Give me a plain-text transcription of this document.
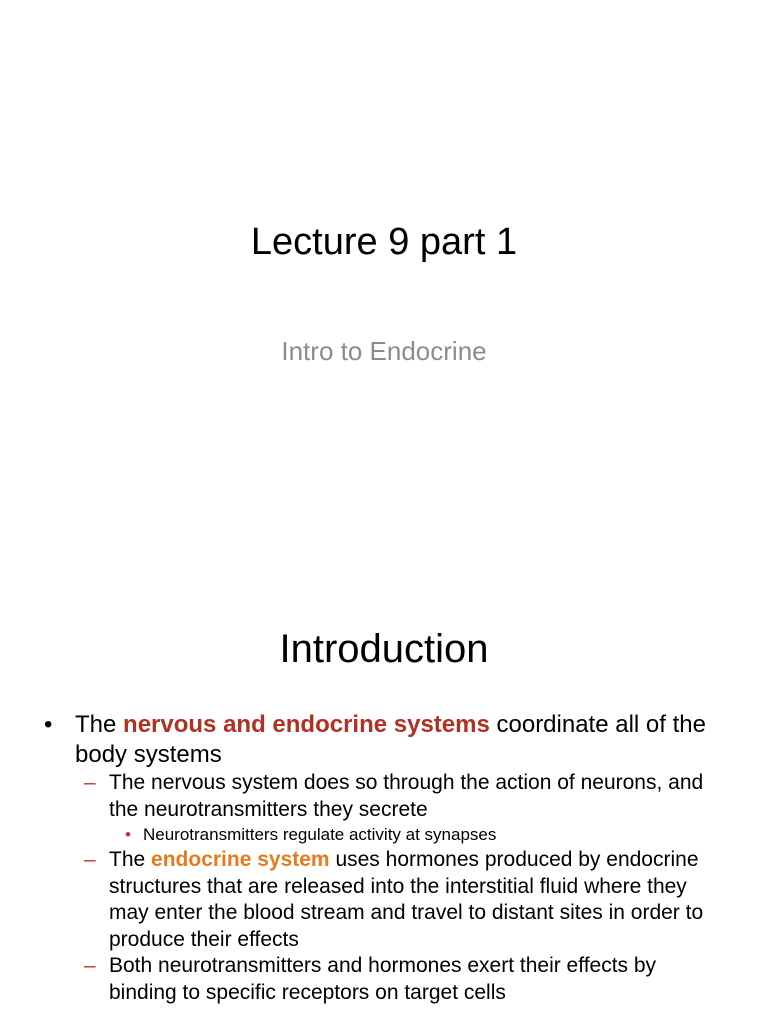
Lecture 9 part 1
Intro to Endocrine
Introduction
• The nervous and endocrine systems coordinate all of the body systems
– The nervous system does so through the action of neurons, and the neurotransmitters they secrete
• Neurotransmitters regulate activity at synapses
– The endocrine system uses hormones produced by endocrine structures that are released into the interstitial fluid where they may enter the blood stream and travel to distant sites in order to produce their effects
– Both neurotransmitters and hormones exert their effects by binding to specific receptors on target cells
